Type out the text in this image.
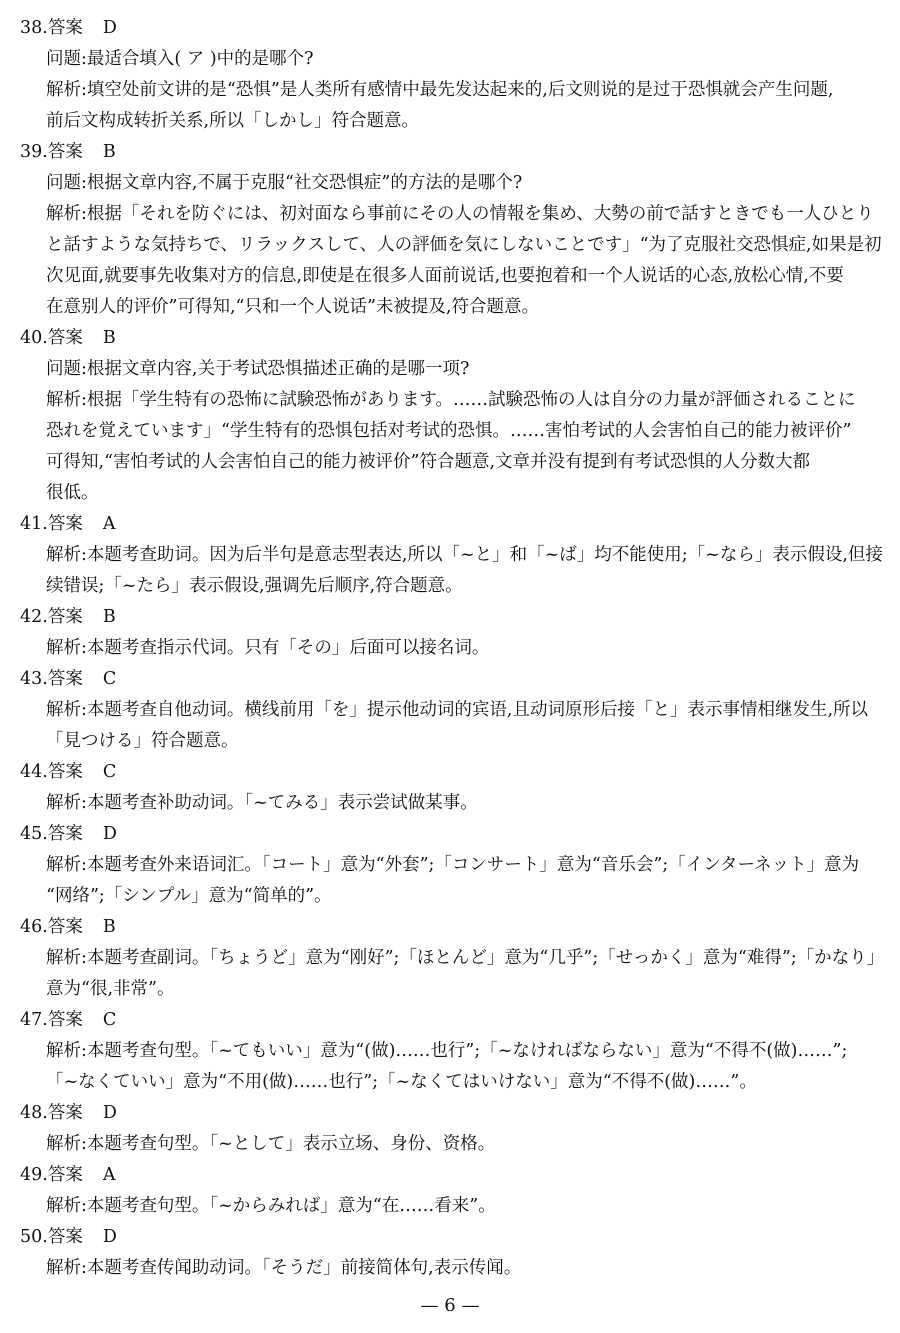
38.答案 D
问题:最适合填入( ア )中的是哪个?
解析:填空处前文讲的是“恐惧”是人类所有感情中最先发达起来的,后文则说的是过于恐惧就会产生问题,
前后文构成转折关系,所以「しかし」符合题意。
39.答案 B
问题:根据文章内容,不属于克服“社交恐惧症”的方法的是哪个?
解析:根据「それを防ぐには、初対面なら事前にその人の情報を集め、大勢の前で話すときでも一人ひとり
と話すような気持ちで、リラックスして、人の評価を気にしないことです」“为了克服社交恐惧症,如果是初
次见面,就要事先收集对方的信息,即使是在很多人面前说话,也要抱着和一个人说话的心态,放松心情,不要
在意别人的评价”可得知,“只和一个人说话”未被提及,符合题意。
40.答案 B
问题:根据文章内容,关于考试恐惧描述正确的是哪一项?
解析:根据「学生特有の恐怖に試験恐怖があります。……試験恐怖の人は自分の力量が評価されることに
恐れを覚えています」“学生特有的恐惧包括对考试的恐惧。……害怕考试的人会害怕自己的能力被评价”
可得知,“害怕考试的人会害怕自己的能力被评价”符合题意,文章并没有提到有考试恐惧的人分数大都
很低。
41.答案 A
解析:本题考查助词。因为后半句是意志型表达,所以「~と」和「~ば」均不能使用;「~なら」表示假设,但接
续错误;「~たら」表示假设,强调先后顺序,符合题意。
42.答案 B
解析:本题考查指示代词。只有「その」后面可以接名词。
43.答案 C
解析:本题考查自他动词。横线前用「を」提示他动词的宾语,且动词原形后接「と」表示事情相继发生,所以
「見つける」符合题意。
44.答案 C
解析:本题考查补助动词。「~てみる」表示尝试做某事。
45.答案 D
解析:本题考查外来语词汇。「コート」意为“外套”;「コンサート」意为“音乐会”;「インターネット」意为
“网络”;「シンプル」意为“简单的”。
46.答案 B
解析:本题考查副词。「ちょうど」意为“刚好”;「ほとんど」意为“几乎”;「せっかく」意为“难得”;「かなり」
意为“很,非常”。
47.答案 C
解析:本题考查句型。「~てもいい」意为“(做)……也行”;「~なければならない」意为“不得不(做)……”;
「~なくていい」意为“不用(做)……也行”;「~なくてはいけない」意为“不得不(做)……”。
48.答案 D
解析:本题考查句型。「~として」表示立场、身份、资格。
49.答案 A
解析:本题考查句型。「~からみれば」意为“在……看来”。
50.答案 D
解析:本题考查传闻助动词。「そうだ」前接简体句,表示传闻。
— 6 —
